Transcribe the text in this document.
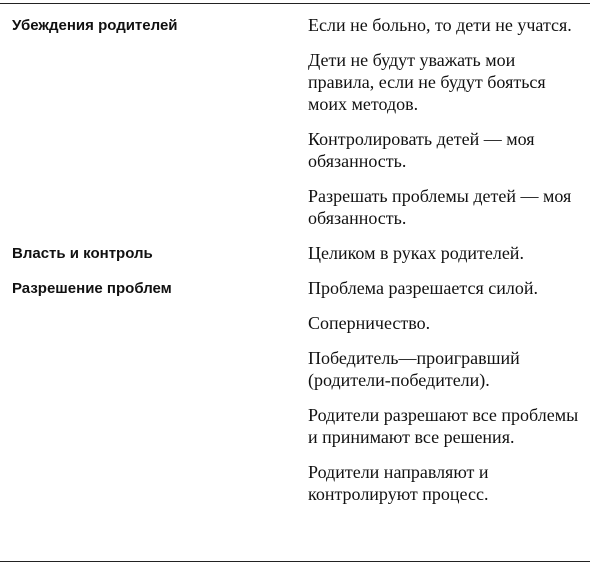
Убеждения родителей	Если не больно, то дети не учатся.
Дети не будут уважать мои правила, если не будут бояться моих методов.
Контролировать детей — моя обязанность.
Разрешать проблемы детей — моя обязанность.
Власть и контроль	Целиком в руках родителей.
Разрешение проблем	Проблема разрешается силой.
Соперничество.
Победитель—проигравший (родители-победители).
Родители разрешают все проблемы и принимают все решения.
Родители направляют и контролируют процесс.
